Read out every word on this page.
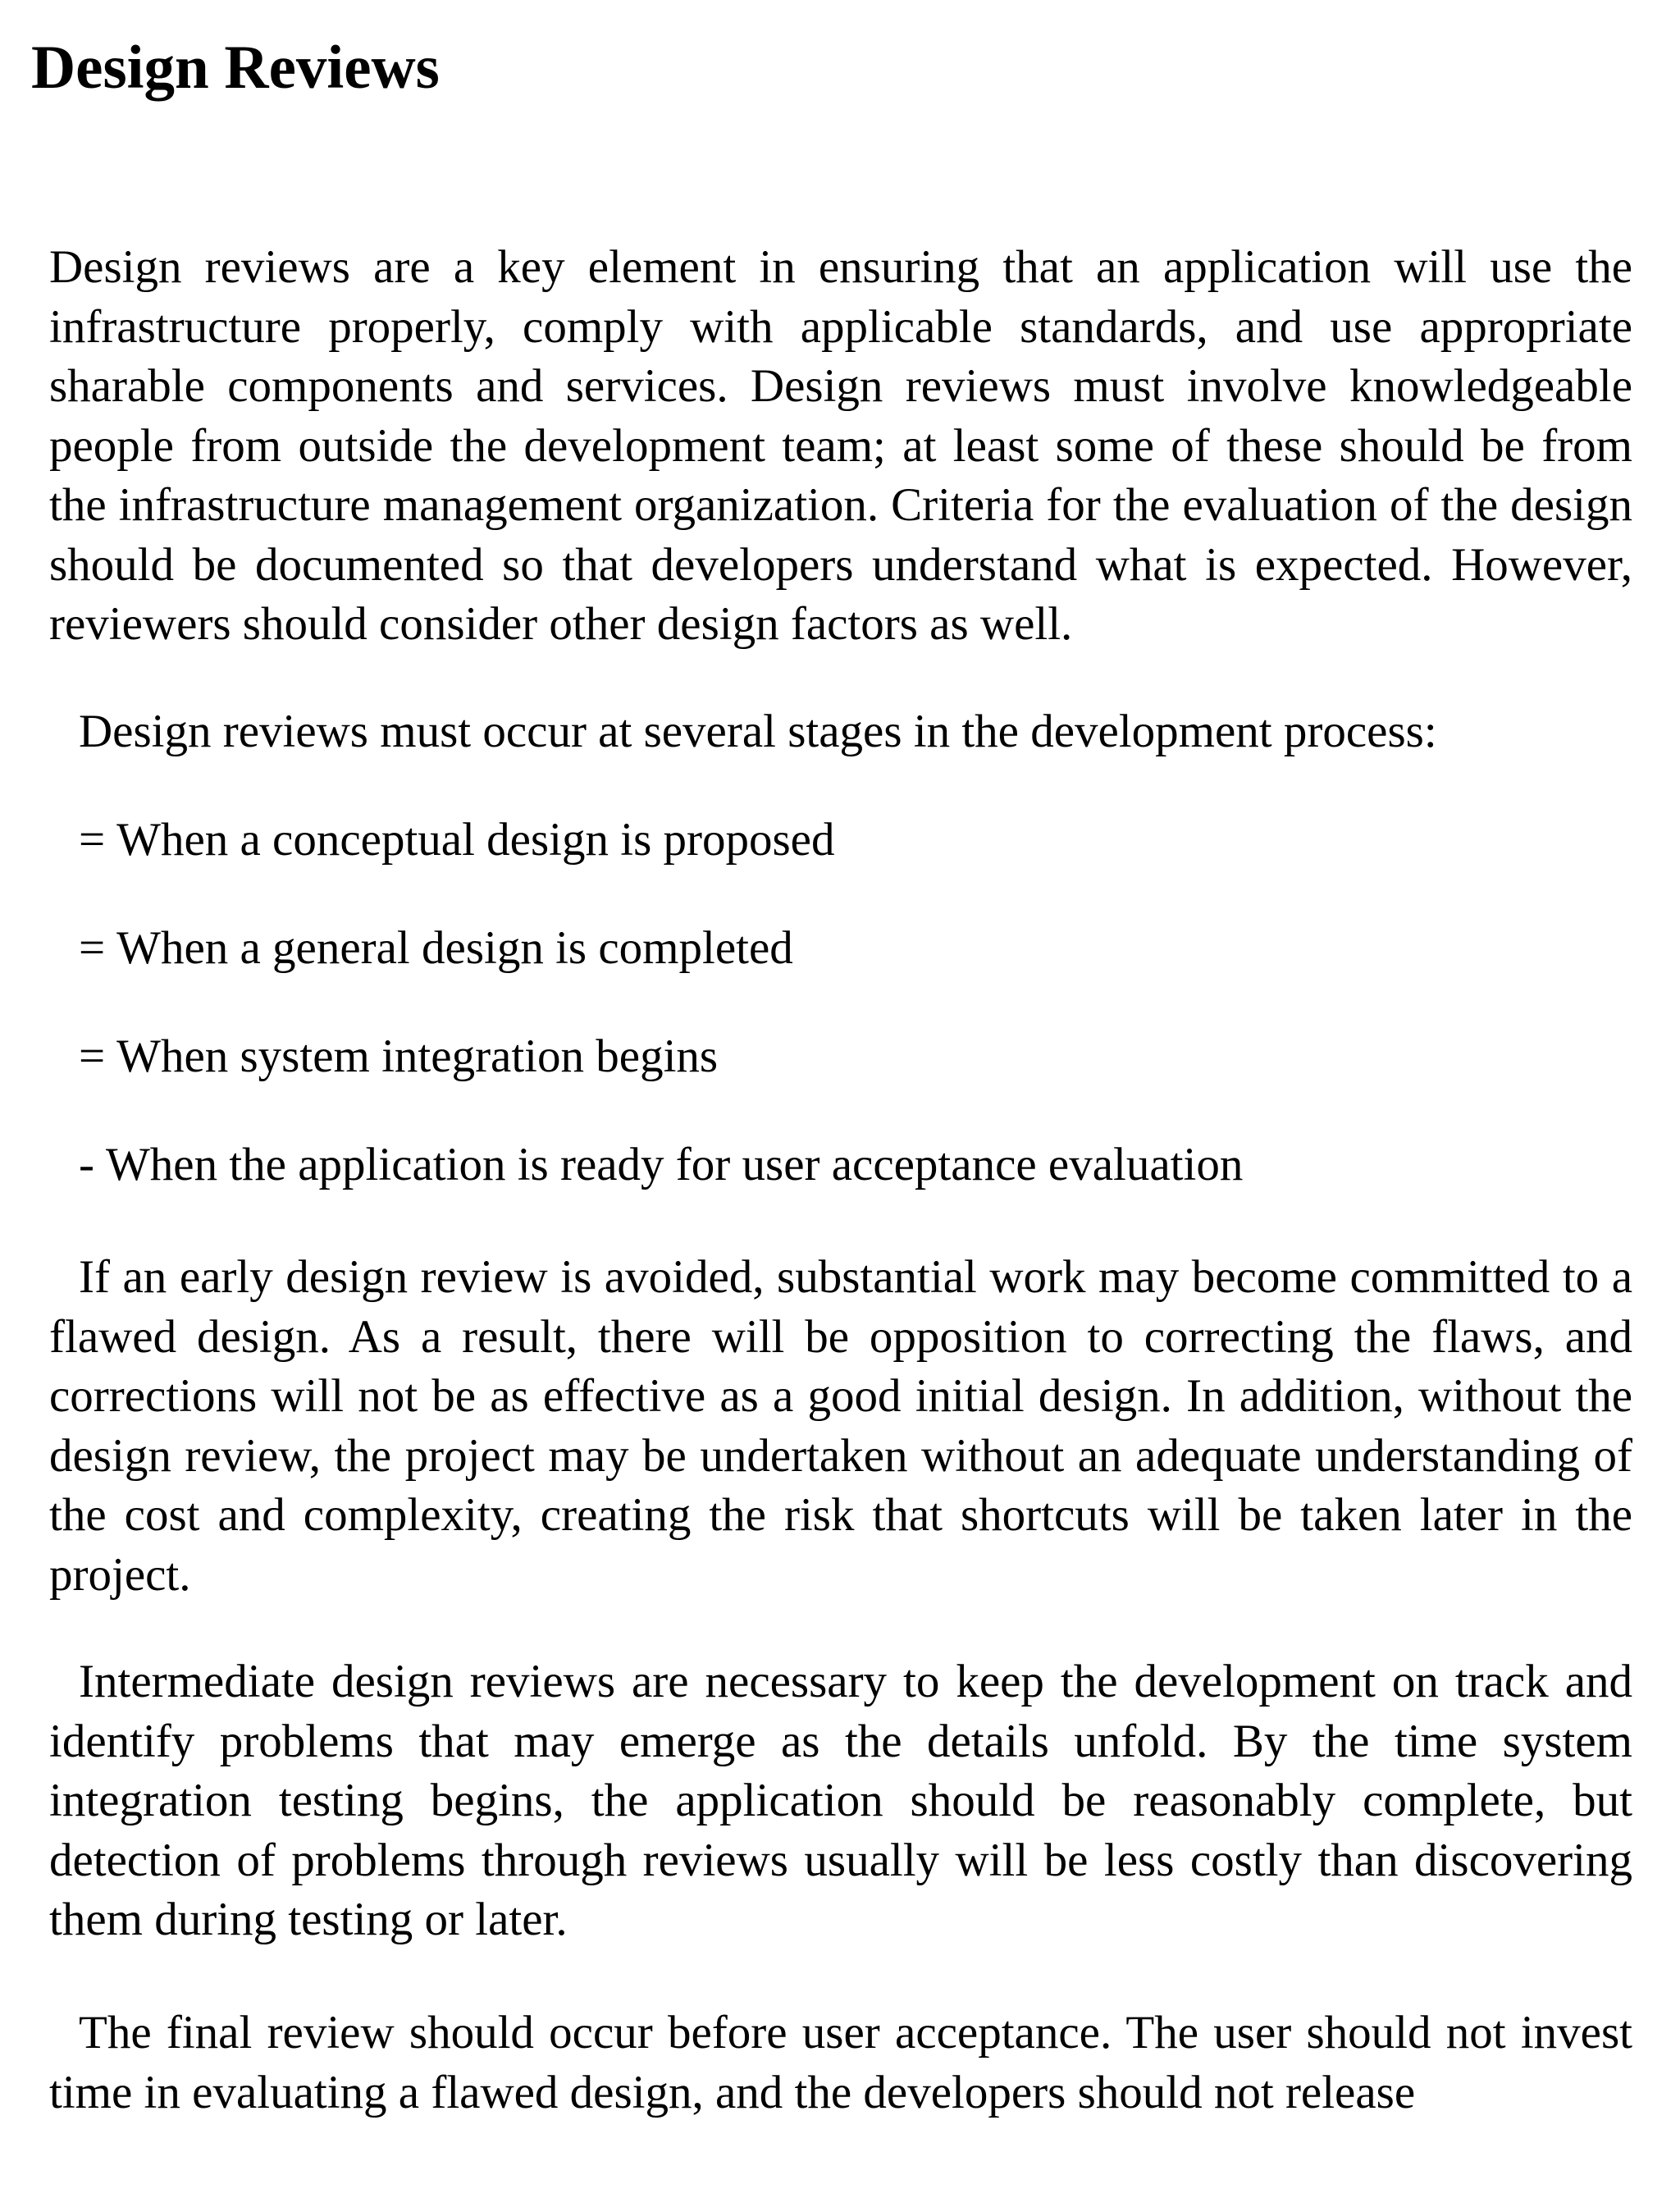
Design Reviews

Design reviews are a key element in ensuring that an application will use the infrastructure properly, comply with applicable standards, and use appropriate sharable components and services. Design reviews must involve knowledgeable people from outside the development team; at least some of these should be from the infrastructure management organization. Criteria for the evaluation of the design should be documented so that developers understand what is expected. However, reviewers should consider other design factors as well.

Design reviews must occur at several stages in the development process:

= When a conceptual design is proposed

= When a general design is completed

= When system integration begins

- When the application is ready for user acceptance evaluation

If an early design review is avoided, substantial work may become committed to a flawed design. As a result, there will be opposition to correcting the flaws, and corrections will not be as effective as a good initial design. In addition, without the design review, the project may be undertaken without an adequate understanding of the cost and complexity, creating the risk that shortcuts will be taken later in the project.

Intermediate design reviews are necessary to keep the development on track and identify problems that may emerge as the details unfold. By the time system integration testing begins, the application should be reasonably complete, but detection of problems through reviews usually will be less costly than discovering them during testing or later.

The final review should occur before user acceptance. The user should not invest time in evaluating a flawed design, and the developers should not release
